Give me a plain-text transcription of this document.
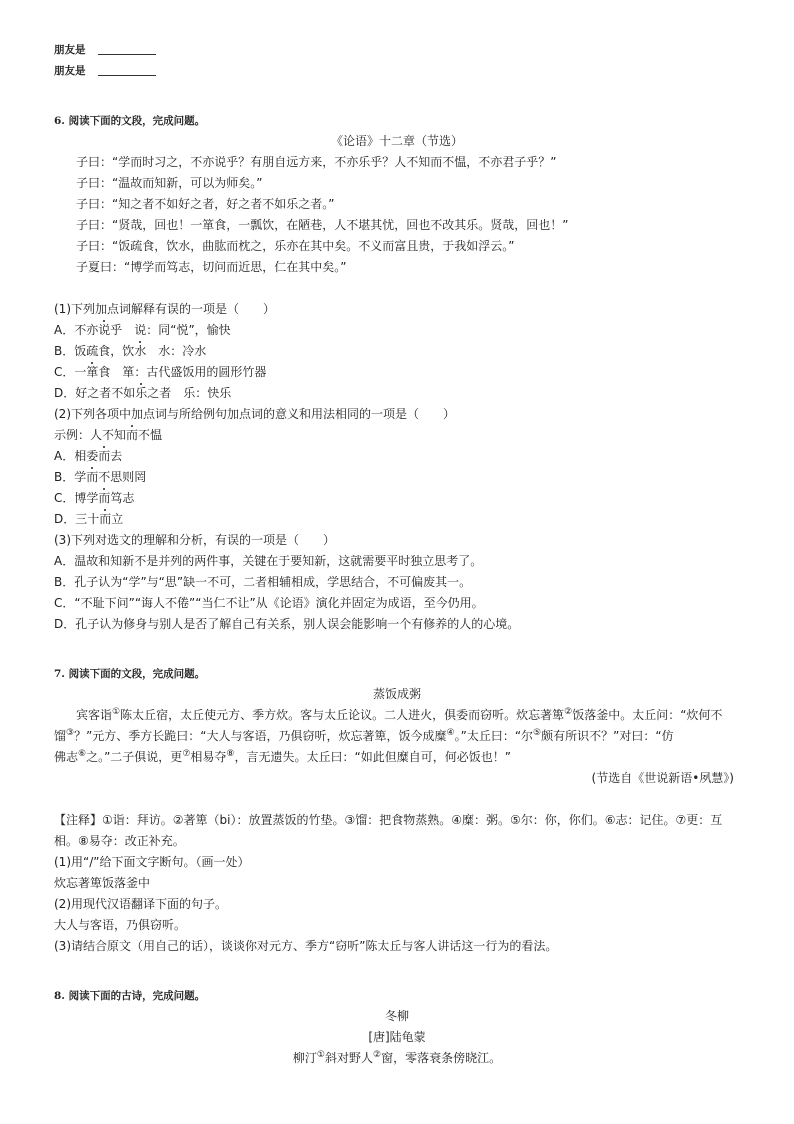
朋友是
朋友是
6. 阅读下面的文段，完成问题。
《论语》十二章（节选）
子曰：“学而时习之，不亦说乎？有朋自远方来，不亦乐乎？人不知而不愠，不亦君子乎？”
子曰：“温故而知新，可以为师矣。”
子曰：“知之者不如好之者，好之者不如乐之者。”
子曰：“贤哉，回也！一箪食，一瓢饮，在陋巷，人不堪其忧，回也不改其乐。贤哉，回也！”
子曰：“饭疏食，饮水，曲肱而枕之，乐亦在其中矣。不义而富且贵，于我如浮云。”
子夏曰：“博学而笃志，切问而近思，仁在其中矣。”
(1)下列加点词解释有误的一项是（　　）
A．不亦说乎　说：同“悦”，愉快
B．饭疏食，饮水　水：冷水
C．一箪食　箪：古代盛饭用的圆形竹器
D．好之者不如乐之者　乐：快乐
(2)下列各项中加点词与所给例句加点词的意义和用法相同的一项是（　　）
示例：人不知而不愠
A．相委而去
B．学而不思则罔
C．博学而笃志
D．三十而立
(3)下列对选文的理解和分析，有误的一项是（　　）
A．温故和知新不是并列的两件事，关键在于要知新，这就需要平时独立思考了。
B．孔子认为“学”与“思”缺一不可，二者相辅相成，学思结合，不可偏废其一。
C．“不耻下问”“诲人不倦”“当仁不让”从《论语》演化并固定为成语，至今仍用。
D．孔子认为修身与别人是否了解自己有关系，别人误会能影响一个有修养的人的心境。
7. 阅读下面的文段，完成问题。
蒸饭成粥
宾客诣①陈太丘宿，太丘使元方、季方炊。客与太丘论议。二人进火，俱委而窃听。炊忘著箄②饭落釜中。太丘问：“炊何不
馏③？”元方、季方长跪曰：“大人与客语，乃俱窃听，炊忘著箄，饭今成糜④。”太丘曰：“尔⑤颇有所识不？”对曰：“仿
佛志⑥之。”二子俱说，更⑦相易夺⑧，言无遗失。太丘曰：“如此但糜自可，何必饭也！”
(节选自《世说新语•夙慧》)
【注释】①诣：拜访。②著箄（bi）：放置蒸饭的竹垫。③馏：把食物蒸熟。④糜：粥。⑤尔：你，你们。⑥志：记住。⑦更：互
相。⑧易夺：改正补充。
(1)用“/”给下面文字断句。（画一处）
炊忘著箄饭落釜中
(2)用现代汉语翻译下面的句子。
大人与客语，乃俱窃听。
(3)请结合原文（用自己的话），谈谈你对元方、季方“窃听”陈太丘与客人讲话这一行为的看法。
8. 阅读下面的古诗，完成问题。
冬柳
[唐]陆龟蒙
柳汀①斜对野人②窗，零落衰条傍晓江。
